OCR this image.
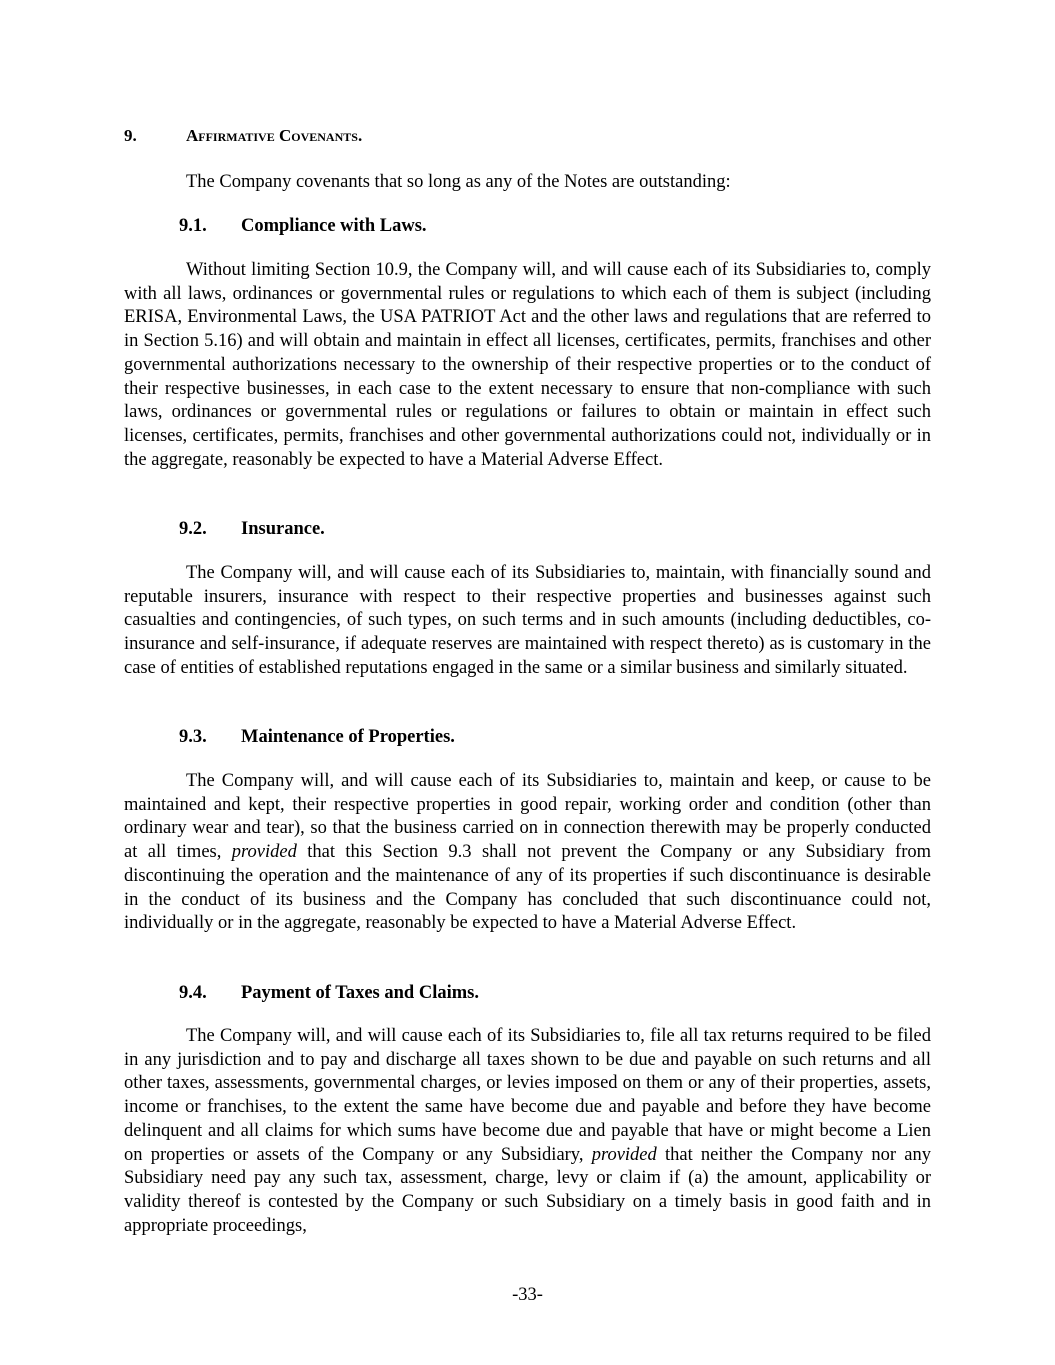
9.	Affirmative Covenants.
The Company covenants that so long as any of the Notes are outstanding:
9.1. Compliance with Laws.

Without limiting Section 10.9, the Company will, and will cause each of its Subsidiaries to, comply with all laws, ordinances or governmental rules or regulations to which each of them is subject (including ERISA, Environmental Laws, the USA PATRIOT Act and the other laws and regulations that are referred to in Section 5.16) and will obtain and maintain in effect all licenses, certificates, permits, franchises and other governmental authorizations necessary to the ownership of their respective properties or to the conduct of their respective businesses, in each case to the extent necessary to ensure that non-compliance with such laws, ordinances or governmental rules or regulations or failures to obtain or maintain in effect such licenses, certificates, permits, franchises and other governmental authorizations could not, individually or in the aggregate, reasonably be expected to have a Material Adverse Effect.

9.2. Insurance.

The Company will, and will cause each of its Subsidiaries to, maintain, with financially sound and reputable insurers, insurance with respect to their respective properties and businesses against such casualties and contingencies, of such types, on such terms and in such amounts (including deductibles, co-insurance and self-insurance, if adequate reserves are maintained with respect thereto) as is customary in the case of entities of established reputations engaged in the same or a similar business and similarly situated.

9.3. Maintenance of Properties.

The Company will, and will cause each of its Subsidiaries to, maintain and keep, or cause to be maintained and kept, their respective properties in good repair, working order and condition (other than ordinary wear and tear), so that the business carried on in connection therewith may be properly conducted at all times, provided that this Section 9.3 shall not prevent the Company or any Subsidiary from discontinuing the operation and the maintenance of any of its properties if such discontinuance is desirable in the conduct of its business and the Company has concluded that such discontinuance could not, individually or in the aggregate, reasonably be expected to have a Material Adverse Effect.

9.4. Payment of Taxes and Claims.

The Company will, and will cause each of its Subsidiaries to, file all tax returns required to be filed in any jurisdiction and to pay and discharge all taxes shown to be due and payable on such returns and all other taxes, assessments, governmental charges, or levies imposed on them or any of their properties, assets, income or franchises, to the extent the same have become due and payable and before they have become delinquent and all claims for which sums have become due and payable that have or might become a Lien on properties or assets of the Company or any Subsidiary, provided that neither the Company nor any Subsidiary need pay any such tax, assessment, charge, levy or claim if (a) the amount, applicability or validity thereof is contested by the Company or such Subsidiary on a timely basis in good faith and in appropriate proceedings,

-33-
